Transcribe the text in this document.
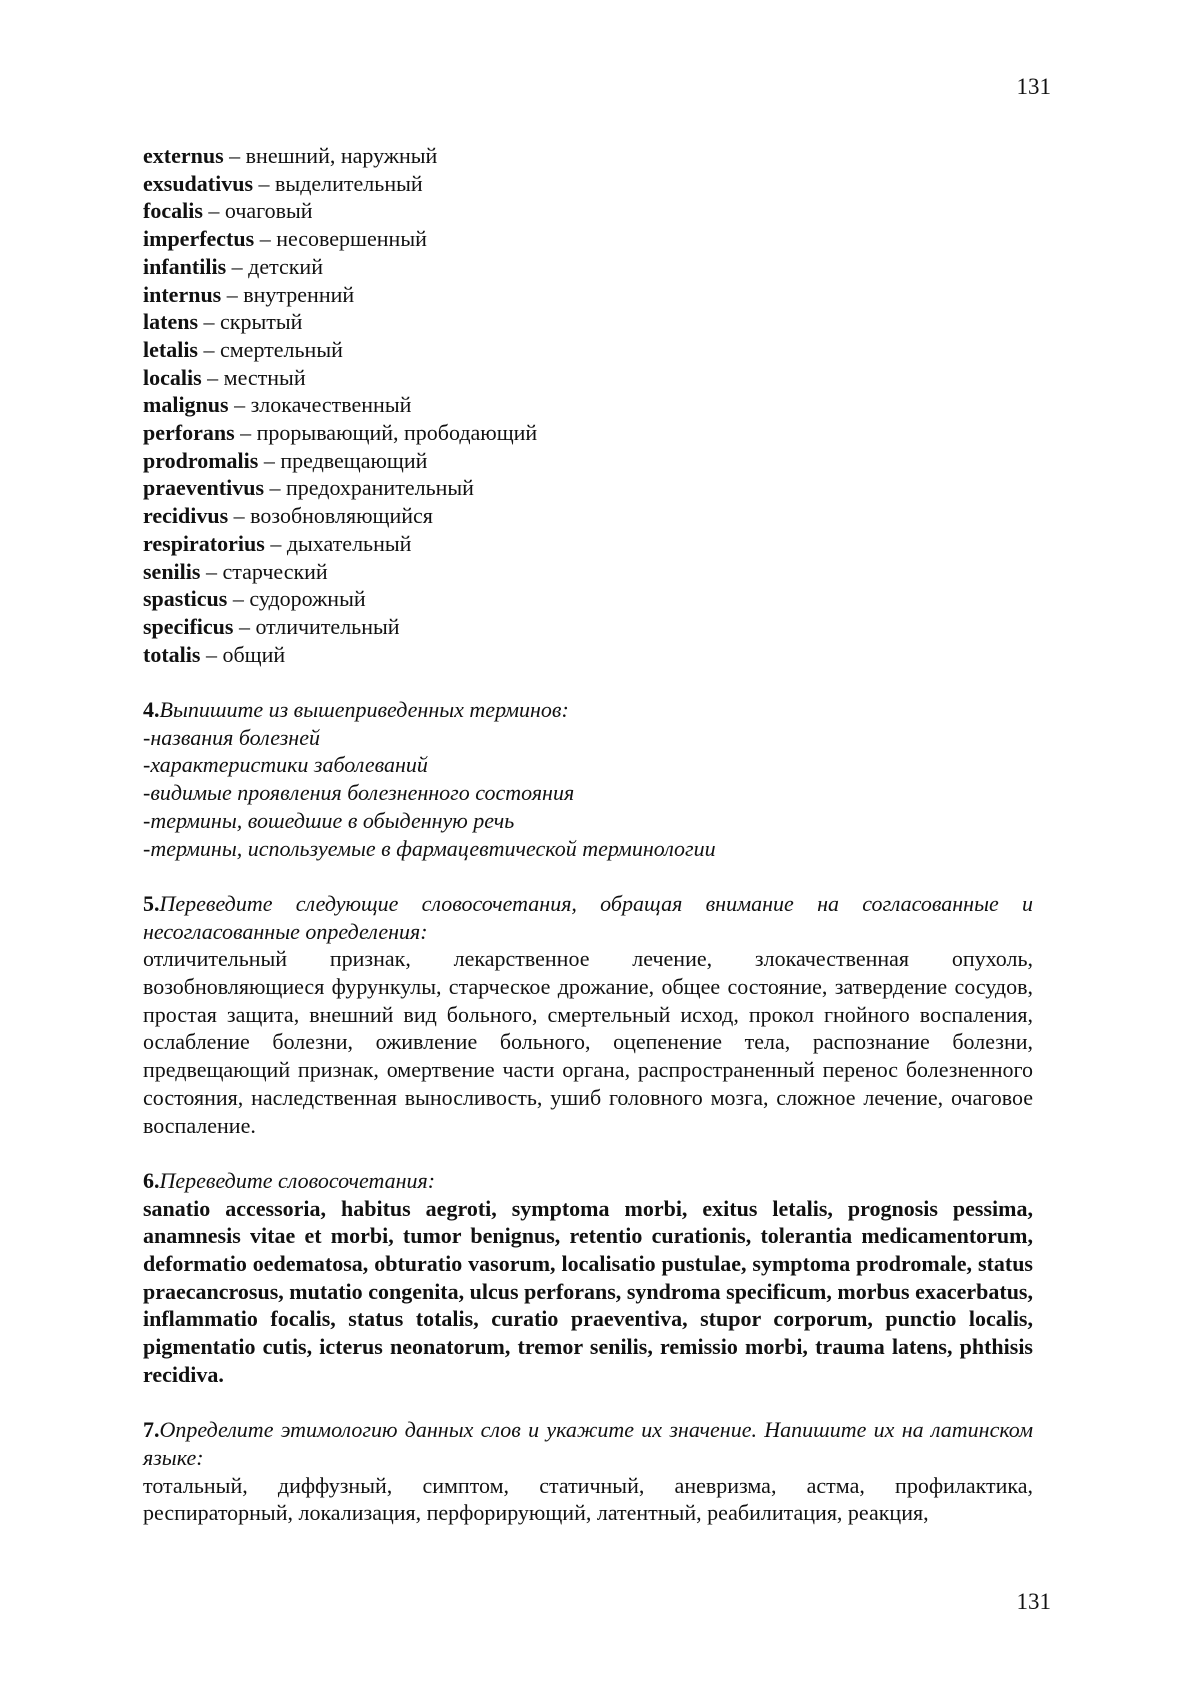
131
externus – внешний, наружный
exsudativus – выделительный
focalis – очаговый
imperfectus – несовершенный
infantilis – детский
internus – внутренний
latens – скрытый
letalis – смертельный
localis – местный
malignus – злокачественный
perforans – прорывающий, прободающий
prodromalis – предвещающий
praeventivus – предохранительный
recidivus – возобновляющийся
respiratorius – дыхательный
senilis – старческий
spasticus – судорожный
specificus – отличительный
totalis – общий
4.Выпишите из вышеприведенных терминов:
-названия болезней
-характеристики заболеваний
-видимые проявления болезненного состояния
-термины, вошедшие в обыденную речь
-термины, используемые в фармацевтической терминологии
5.Переведите следующие словосочетания, обращая внимание на согласованные и несогласованные определения:
отличительный признак, лекарственное лечение, злокачественная опухоль, возобновляющиеся фурункулы, старческое дрожание, общее состояние, затвердение сосудов, простая защита, внешний вид больного, смертельный исход, прокол гнойного воспаления, ослабление болезни, оживление больного, оцепенение тела, распознание болезни, предвещающий признак, омертвение части органа, распространенный перенос болезненного состояния, наследственная выносливость, ушиб головного мозга, сложное лечение, очаговое воспаление.
6.Переведите словосочетания:
sanatio accessoria, habitus aegroti, symptoma morbi, exitus letalis, prognosis pessima, anamnesis vitae et morbi, tumor benignus, retentio curationis, tolerantia medicamentorum, deformatio oedematosa, obturatio vasorum, localisatio pustulae, symptoma prodromale, status praecancrosus, mutatio congenita, ulcus perforans, syndroma specificum, morbus exacerbatus, inflammatio focalis, status totalis, curatio praeventiva, stupor corporum, punctio localis, pigmentatio cutis, icterus neonatorum, tremor senilis, remissio morbi, trauma latens, phthisis recidiva.
7.Определите этимологию данных слов и укажите их значение. Напишите их на латинском языке:
тотальный, диффузный, симптом, статичный, аневризма, астма, профилактика, респираторный, локализация, перфорирующий, латентный, реабилитация, реакция,
131
